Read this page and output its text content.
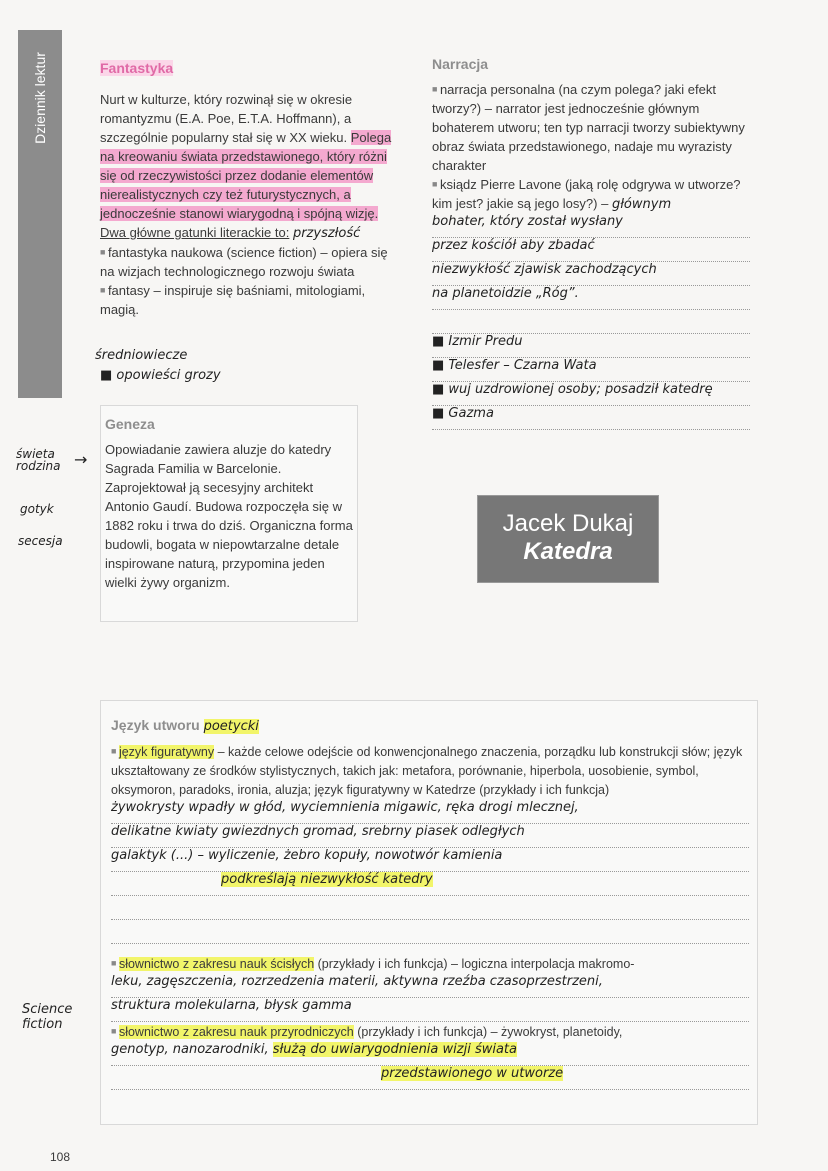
Dziennik lektur	Fantastyka

Nurt w kulturze, który rozwinął się w okresie romantyzmu (E.A. Poe, E.T.A. Hoffmann), a szczególnie popularny stał się w XX wieku. Polega na kreowaniu świata przedstawionego, który różni się od rzeczywistości przez dodanie elementów nierealistycznych czy też futurystycznych, a jednocześnie stanowi wiarygodną i spójną wizję.

Dwa główne gatunki literackie to: przyszłość

■ fantastyka naukowa (science fiction) – opiera się na wizjach technologicznego rozwoju świata

■ fantasy – inspiruje się baśniami, mitologiami, magią.

średniowiecze
■ opowieści grozy
Geneza

Opowiadanie zawiera aluzje do katedry Sagrada Familia w Barcelonie. Zaprojektował ją secesyjny architekt Antonio Gaudí. Budowa rozpoczęła się w 1882 roku i trwa do dziś. Organiczna forma budowli, bogata w niepowtarzalne detale inspirowane naturą, przypomina jeden wielki żywy organizm.

świeta rodzina →
gotyk
secesja
Narracja

■ narracja personalna (na czym polega? jaki efekt tworzy?) – narrator jest jednocześnie głównym bohaterem utworu; ten typ narracji tworzy subiektywny obraz świata przedstawionego, nadaje mu wyrazisty charakter

■ ksiądz Pierre Lavone (jaką rolę odgrywa w utworze? kim jest? jakie są jego losy?) – głównym

bohater, który został wysłany
przez kościół aby zbadać
niezwykłość zjawisk zachodzących
na planetoidzie „Róg”.
■ Izmir Predu
■ Telesfer – Czarna Wata
■ wuj uzdrowionej osoby; posadził katedrę
■ Gazma
Jacek Dukaj
Katedra
Język utworu poetycki

■ język figuratywny – każde celowe odejście od konwencjonalnego znaczenia, porządku lub konstrukcji słów; język ukształtowany ze środków stylistycznych, takich jak: metafora, porównanie, hiperbola, uosobienie, symbol, oksymoron, paradoks, ironia, aluzja; język figuratywny w Katedrze (przykłady i ich funkcja)

żywokrysty wpadły w głód, wyciemnienia migawic, ręka drogi mlecznej,
delikatne kwiaty gwiezdnych gromad, srebrny piasek odległych
galaktyk (...) – wyliczenie, żebro kopuły, nowotwór kamienia
podkreślają niezwykłość katedry

■ słownictwo z zakresu nauk ścisłych (przykłady i ich funkcja) – logiczna interpolacja makromo-

leku, zagęszczenia, rozrzedzenia materii, aktywna rzeźba czasoprzestrzeni,
struktura molekularna, błysk gamma

■ słownictwo z zakresu nauk przyrodniczych (przykłady i ich funkcja) – żywokryst, planetoidy,

genotyp, nanozarodniki, służą do uwiarygodnienia wizji świata
przedstawionego w utworze
Science fiction
108
